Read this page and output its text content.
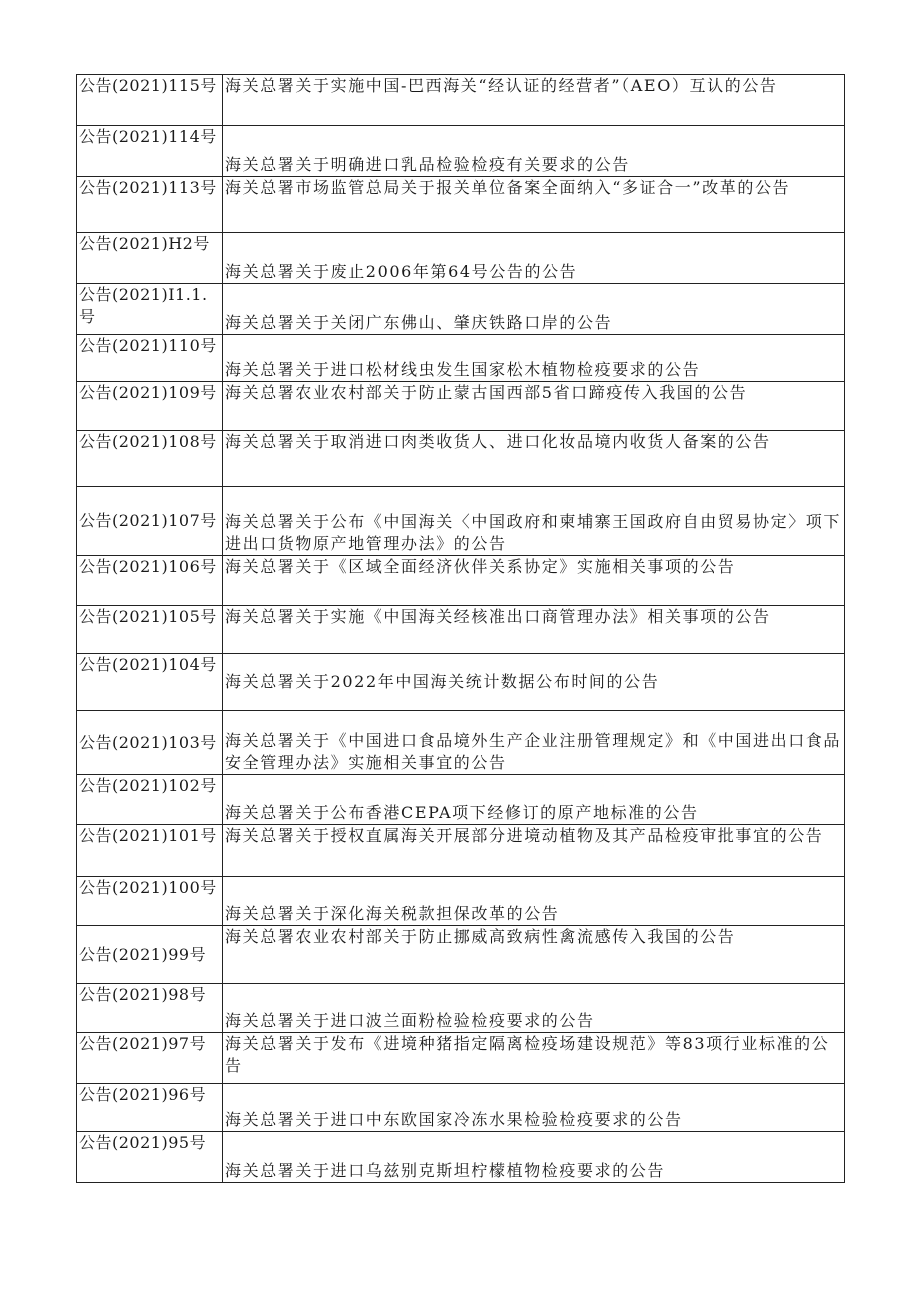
公告(2021)115号	海关总署关于实施中国-巴西海关“经认证的经营者”（AEO）互认的公告
公告(2021)114号	海关总署关于明确进口乳品检验检疫有关要求的公告
公告(2021)113号	海关总署市场监管总局关于报关单位备案全面纳入“多证合一”改革的公告
公告(2021)H2号	海关总署关于废止2006年第64号公告的公告
公告(2021)I1.1.号	海关总署关于关闭广东佛山、肇庆铁路口岸的公告
公告(2021)110号	海关总署关于进口松材线虫发生国家松木植物检疫要求的公告
公告(2021)109号	海关总署农业农村部关于防止蒙古国西部5省口蹄疫传入我国的公告
公告(2021)108号	海关总署关于取消进口肉类收货人、进口化妆品境内收货人备案的公告
公告(2021)107号	海关总署关于公布《中国海关〈中国政府和柬埔寨王国政府自由贸易协定〉项下进出口货物原产地管理办法》的公告
公告(2021)106号	海关总署关于《区域全面经济伙伴关系协定》实施相关事项的公告
公告(2021)105号	海关总署关于实施《中国海关经核准出口商管理办法》相关事项的公告
公告(2021)104号	海关总署关于2022年中国海关统计数据公布时间的公告
公告(2021)103号	海关总署关于《中国进口食品境外生产企业注册管理规定》和《中国进出口食品安全管理办法》实施相关事宜的公告
公告(2021)102号	海关总署关于公布香港CEPA项下经修订的原产地标准的公告
公告(2021)101号	海关总署关于授权直属海关开展部分进境动植物及其产品检疫审批事宜的公告
公告(2021)100号	海关总署关于深化海关税款担保改革的公告
公告(2021)99号	海关总署农业农村部关于防止挪威高致病性禽流感传入我国的公告
公告(2021)98号	海关总署关于进口波兰面粉检验检疫要求的公告
公告(2021)97号	海关总署关于发布《进境种猪指定隔离检疫场建设规范》等83项行业标准的公告
公告(2021)96号	海关总署关于进口中东欧国家冷冻水果检验检疫要求的公告
公告(2021)95号	海关总署关于进口乌兹别克斯坦柠檬植物检疫要求的公告
